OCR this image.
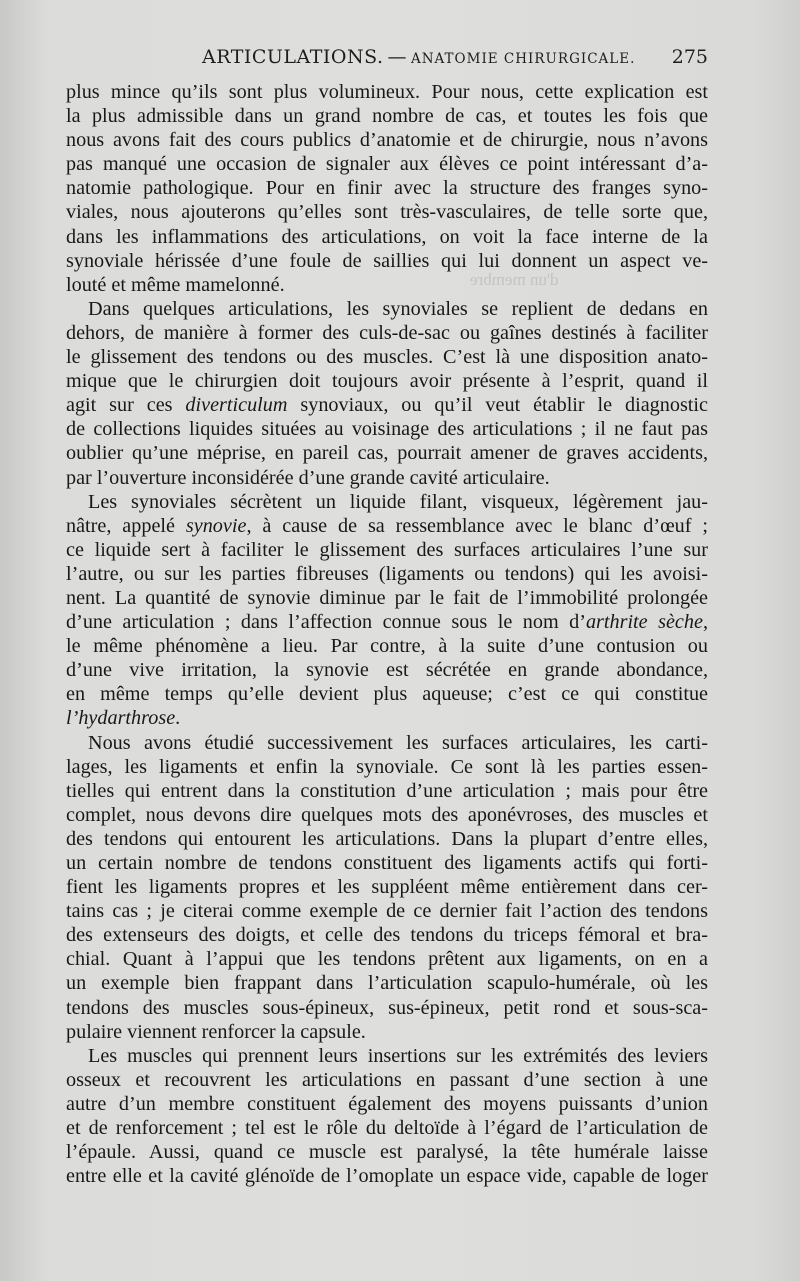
d'un membre
ARTICULATIONS. — ANATOMIE CHIRURGICALE. 275
plus mince qu’ils sont plus volumineux. Pour nous, cette explication est
la plus admissible dans un grand nombre de cas, et toutes les fois que
nous avons fait des cours publics d’anatomie et de chirurgie, nous n’avons
pas manqué une occasion de signaler aux élèves ce point intéressant d’a-
natomie pathologique. Pour en finir avec la structure des franges syno-
viales, nous ajouterons qu’elles sont très-vasculaires, de telle sorte que,
dans les inflammations des articulations, on voit la face interne de la
synoviale hérissée d’une foule de saillies qui lui donnent un aspect ve-
louté et même mamelonné.
Dans quelques articulations, les synoviales se replient de dedans en
dehors, de manière à former des culs-de-sac ou gaînes destinés à faciliter
le glissement des tendons ou des muscles. C’est là une disposition anato-
mique que le chirurgien doit toujours avoir présente à l’esprit, quand il
agit sur ces diverticulum synoviaux, ou qu’il veut établir le diagnostic
de collections liquides situées au voisinage des articulations ; il ne faut pas
oublier qu’une méprise, en pareil cas, pourrait amener de graves accidents,
par l’ouverture inconsidérée d’une grande cavité articulaire.
Les synoviales sécrètent un liquide filant, visqueux, légèrement jau-
nâtre, appelé synovie, à cause de sa ressemblance avec le blanc d’œuf ;
ce liquide sert à faciliter le glissement des surfaces articulaires l’une sur
l’autre, ou sur les parties fibreuses (ligaments ou tendons) qui les avoisi-
nent. La quantité de synovie diminue par le fait de l’immobilité prolongée
d’une articulation ; dans l’affection connue sous le nom d’arthrite sèche,
le même phénomène a lieu. Par contre, à la suite d’une contusion ou
d’une vive irritation, la synovie est sécrétée en grande abondance,
en même temps qu’elle devient plus aqueuse; c’est ce qui constitue
l’hydarthrose.
Nous avons étudié successivement les surfaces articulaires, les carti-
lages, les ligaments et enfin la synoviale. Ce sont là les parties essen-
tielles qui entrent dans la constitution d’une articulation ; mais pour être
complet, nous devons dire quelques mots des aponévroses, des muscles et
des tendons qui entourent les articulations. Dans la plupart d’entre elles,
un certain nombre de tendons constituent des ligaments actifs qui forti-
fient les ligaments propres et les suppléent même entièrement dans cer-
tains cas ; je citerai comme exemple de ce dernier fait l’action des tendons
des extenseurs des doigts, et celle des tendons du triceps fémoral et bra-
chial. Quant à l’appui que les tendons prêtent aux ligaments, on en a
un exemple bien frappant dans l’articulation scapulo-humérale, où les
tendons des muscles sous-épineux, sus-épineux, petit rond et sous-sca-
pulaire viennent renforcer la capsule.
Les muscles qui prennent leurs insertions sur les extrémités des leviers
osseux et recouvrent les articulations en passant d’une section à une
autre d’un membre constituent également des moyens puissants d’union
et de renforcement ; tel est le rôle du deltoïde à l’égard de l’articulation de
l’épaule. Aussi, quand ce muscle est paralysé, la tête humérale laisse
entre elle et la cavité glénoïde de l’omoplate un espace vide, capable de loger
